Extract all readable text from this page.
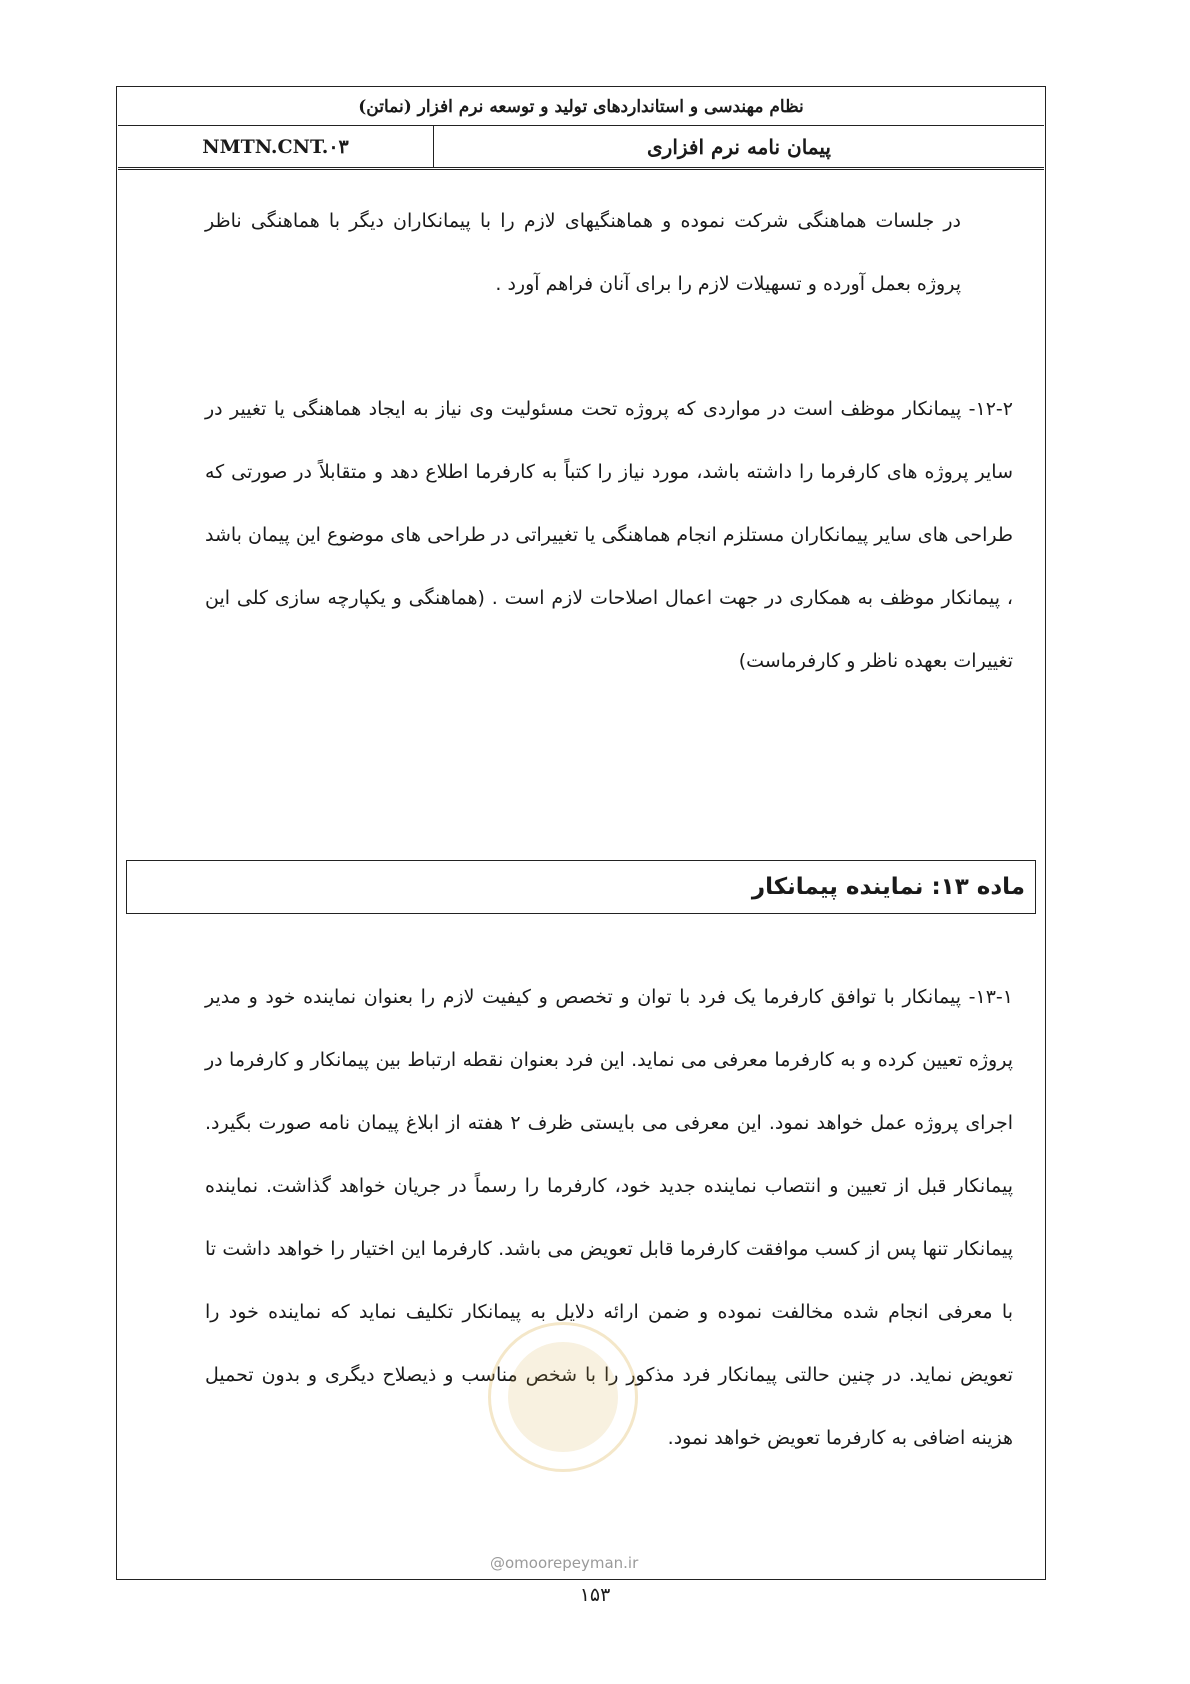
نظام مهندسی و استانداردهای تولید و توسعه نرم افزار (نماتن)
NMTN.CNT.۰۳	پیمان نامه نرم افزاری
در جلسات هماهنگی شرکت نموده و هماهنگیهای لازم را با پیمانکاران دیگر با هماهنگی ناظر پروژه بعمل آورده و تسهیلات لازم را برای آنان فراهم آورد .
۱۲-۲- پیمانکار موظف است در مواردی که پروژه تحت مسئولیت وی نیاز به ایجاد هماهنگی یا تغییر در سایر پروژه های کارفرما را داشته باشد، مورد نیاز را کتباً به کارفرما اطلاع دهد و متقابلاً در صورتی که طراحی های سایر پیمانکاران مستلزم انجام هماهنگی یا تغییراتی در طراحی های موضوع این پیمان باشد ، پیمانکار موظف به همکاری در جهت اعمال اصلاحات لازم است . (هماهنگی و یکپارچه سازی کلی این تغییرات بعهده ناظر و کارفرماست)
ماده ۱۳: نماینده پیمانکار
۱۳-۱- پیمانکار با توافق کارفرما یک فرد با توان و تخصص و کیفیت لازم را بعنوان نماینده خود و مدیر پروژه تعیین کرده و به کارفرما معرفی می نماید. این فرد بعنوان نقطه ارتباط بین پیمانکار و کارفرما در اجرای پروژه عمل خواهد نمود. این معرفی می بایستی ظرف ۲ هفته از ابلاغ پیمان نامه صورت بگیرد. پیمانکار قبل از تعیین و انتصاب نماینده جدید خود، کارفرما را رسماً در جریان خواهد گذاشت. نماینده پیمانکار تنها پس از کسب موافقت کارفرما قابل تعویض می باشد. کارفرما این اختیار را خواهد داشت تا با معرفی انجام شده مخالفت نموده و ضمن ارائه دلایل به پیمانکار تکلیف نماید که نماینده خود را تعویض نماید. در چنین حالتی پیمانکار فرد مذکور را با شخص مناسب و ذیصلاح دیگری و بدون تحمیل هزینه اضافی به کارفرما تعویض خواهد نمود.
@omoorepeyman.ir
۱۵۳
